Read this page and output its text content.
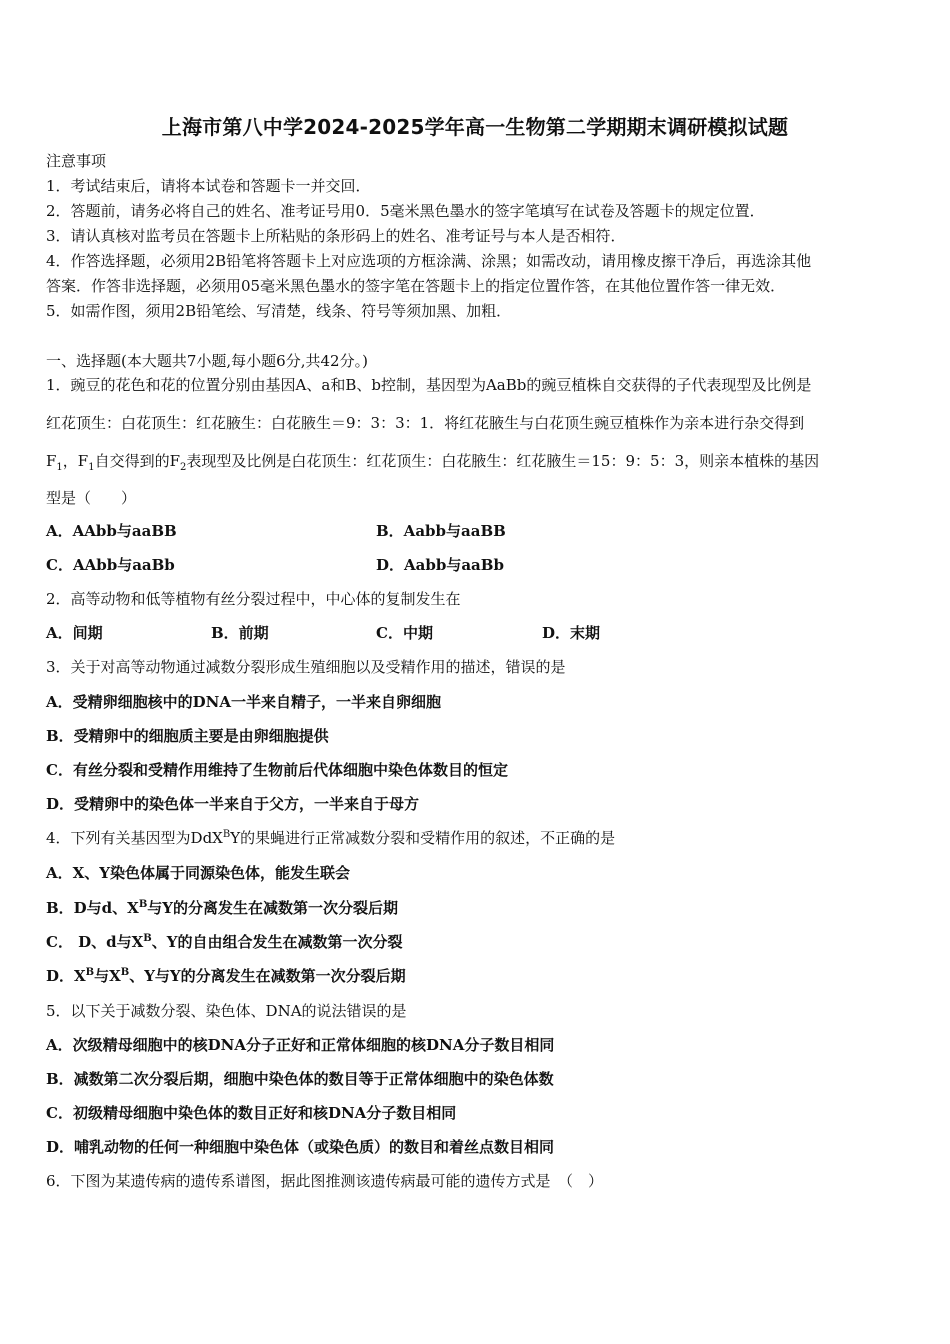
上海市第八中学2024-2025学年高一生物第二学期期末调研模拟试题
注意事项
1．考试结束后，请将本试卷和答题卡一并交回．
2．答题前，请务必将自己的姓名、准考证号用0．5毫米黑色墨水的签字笔填写在试卷及答题卡的规定位置．
3．请认真核对监考员在答题卡上所粘贴的条形码上的姓名、准考证号与本人是否相符．
4．作答选择题，必须用2B铅笔将答题卡上对应选项的方框涂满、涂黑；如需改动，请用橡皮擦干净后，再选涂其他
答案．作答非选择题，必须用05毫米黑色墨水的签字笔在答题卡上的指定位置作答，在其他位置作答一律无效．
5．如需作图，须用2B铅笔绘、写清楚，线条、符号等须加黑、加粗．
一、选择题(本大题共7小题,每小题6分,共42分。)
1．豌豆的花色和花的位置分别由基因A、a和B、b控制，基因型为AaBb的豌豆植株自交获得的子代表现型及比例是
红花顶生：白花顶生：红花腋生：白花腋生＝9：3：3：1．将红花腋生与白花顶生豌豆植株作为亲本进行杂交得到
$F_1$，$F_1$自交得到的$F_2$表现型及比例是白花顶生：红花顶生：白花腋生：红花腋生＝15：9：5：3，则亲本植株的基因
型是（　　）
A．AAbb与aaBB	B．Aabb与aaBB
C．AAbb与aaBb	D．Aabb与aaBb
2．高等动物和低等植物有丝分裂过程中，中心体的复制发生在
A．间期	B．前期	C．中期	D．末期
3．关于对高等动物通过减数分裂形成生殖细胞以及受精作用的描述，错误的是
A．受精卵细胞核中的DNA一半来自精子，一半来自卵细胞
B．受精卵中的细胞质主要是由卵细胞提供
C．有丝分裂和受精作用维持了生物前后代体细胞中染色体数目的恒定
D．受精卵中的染色体一半来自于父方，一半来自于母方
4．下列有关基因型为DdX$^B$Y的果蝇进行正常减数分裂和受精作用的叙述，不正确的是
A．X、Y染色体属于同源染色体，能发生联会
B．D与d、$X^B$与Y的分离发生在减数第一次分裂后期
C． D、d与$X^B$、Y的自由组合发生在减数第一次分裂
D．$X^B$与$X^B$、Y与Y的分离发生在减数第一次分裂后期
5．以下关于减数分裂、染色体、DNA的说法错误的是
A．次级精母细胞中的核DNA分子正好和正常体细胞的核DNA分子数目相同
B．减数第二次分裂后期，细胞中染色体的数目等于正常体细胞中的染色体数
C．初级精母细胞中染色体的数目正好和核DNA分子数目相同
D．哺乳动物的任何一种细胞中染色体（或染色质）的数目和着丝点数目相同
6．下图为某遗传病的遗传系谱图，据此图推测该遗传病最可能的遗传方式是　（　）
